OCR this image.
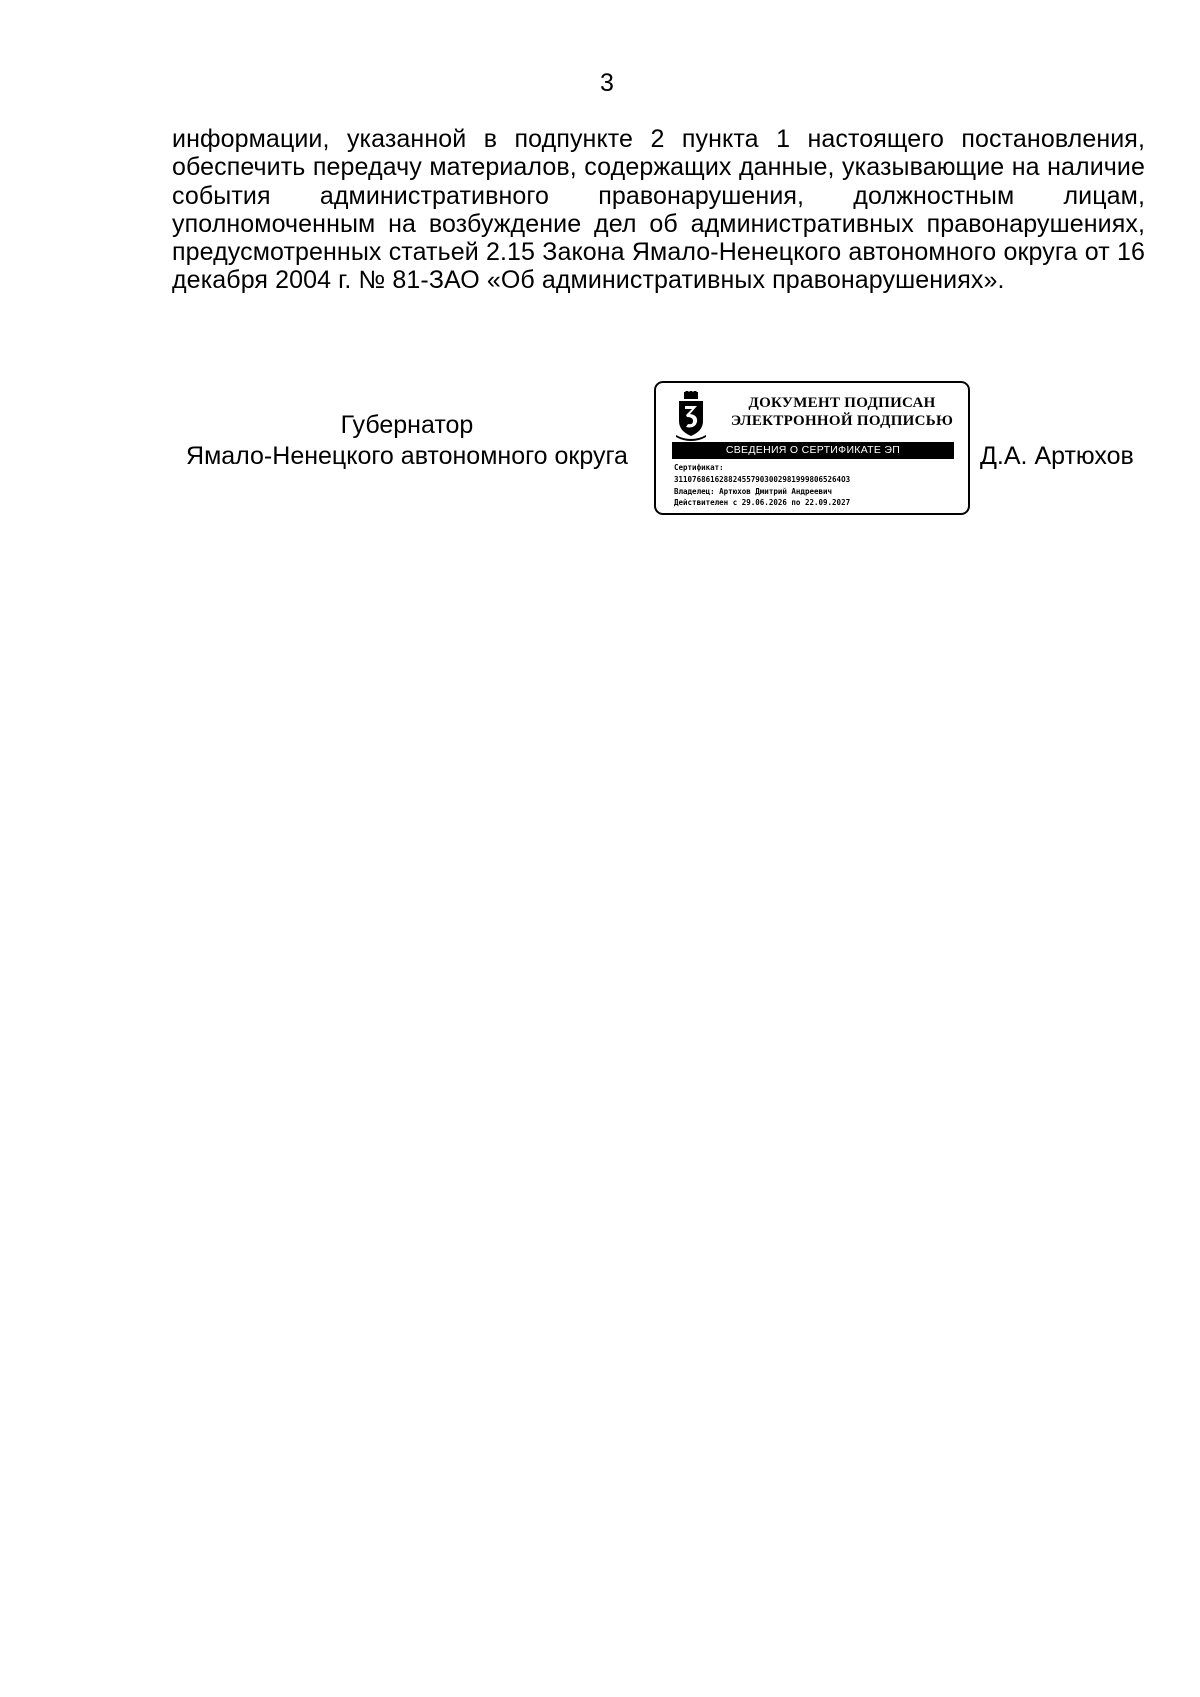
3

информации, указанной в подпункте 2 пункта 1 настоящего постановления, обеспечить передачу материалов, содержащих данные, указывающие на наличие события административного правонарушения, должностным лицам, уполномоченным на возбуждение дел об административных правонарушениях, предусмотренных статьей 2.15 Закона Ямало-Ненецкого автономного округа от 16 декабря 2004 г. № 81-ЗАО «Об административных правонарушениях».

Губернатор
Ямало-Ненецкого автономного округа
ДОКУМЕНТ ПОДПИСАН
ЭЛЕКТРОННОЙ ПОДПИСЬЮ
СВЕДЕНИЯ О СЕРТИФИКАТЕ ЭП
Сертификат:
3110768616288245579030029819998065264O3
Владелец: Артюхов Дмитрий Андреевич
Действителен с 29.06.2026 по 22.09.2027
Д.А. Артюхов
